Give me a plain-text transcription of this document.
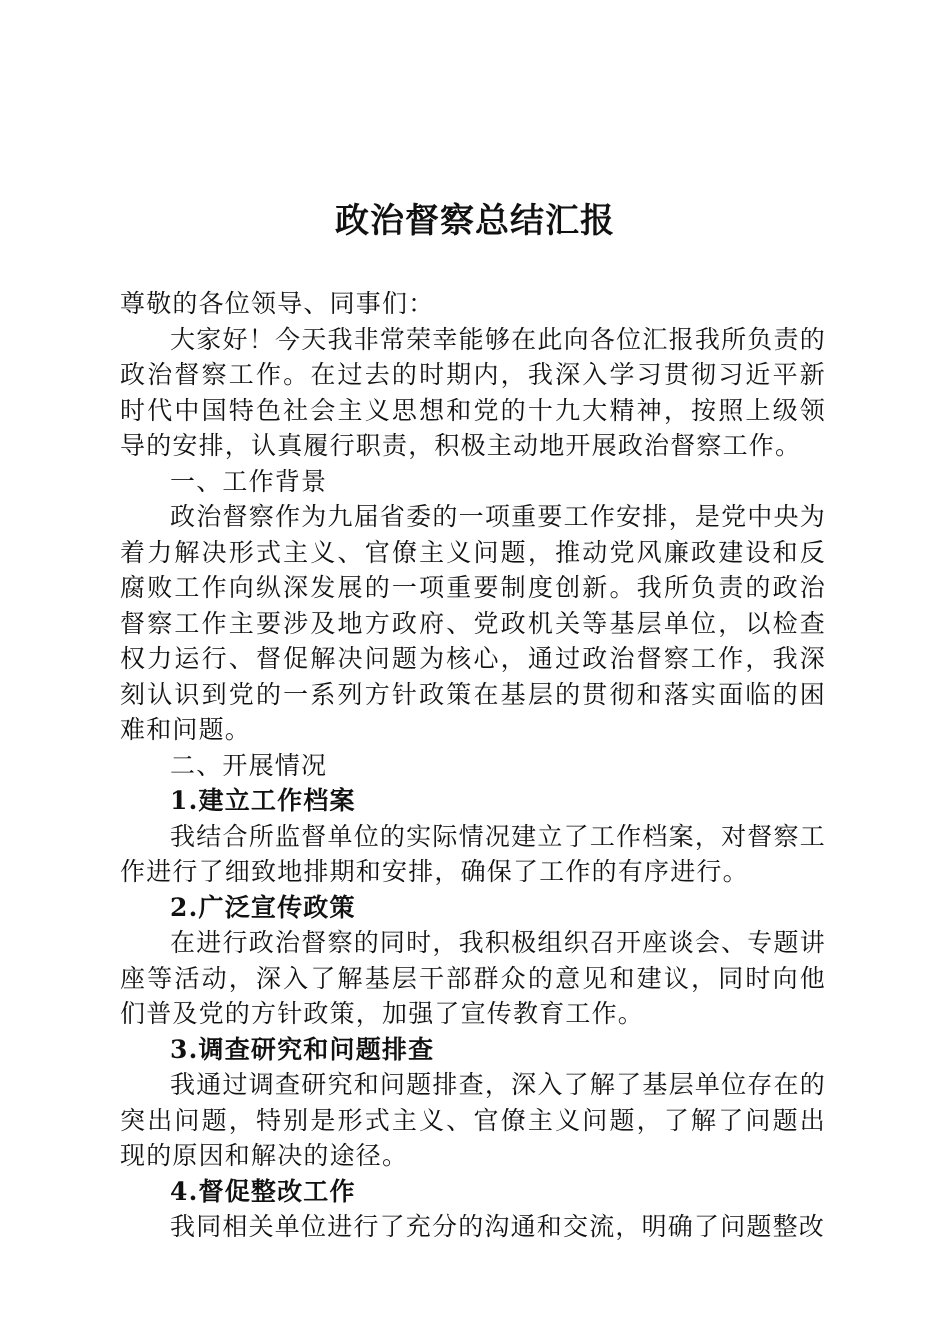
政治督察总结汇报

尊敬的各位领导、同事们：

大家好！今天我非常荣幸能够在此向各位汇报我所负责的政治督察工作。在过去的时期内，我深入学习贯彻习近平新时代中国特色社会主义思想和党的十九大精神，按照上级领导的安排，认真履行职责，积极主动地开展政治督察工作。

一、工作背景

政治督察作为九届省委的一项重要工作安排，是党中央为着力解决形式主义、官僚主义问题，推动党风廉政建设和反腐败工作向纵深发展的一项重要制度创新。我所负责的政治督察工作主要涉及地方政府、党政机关等基层单位，以检查权力运行、督促解决问题为核心，通过政治督察工作，我深刻认识到党的一系列方针政策在基层的贯彻和落实面临的困难和问题。

二、开展情况

1.建立工作档案

我结合所监督单位的实际情况建立了工作档案，对督察工作进行了细致地排期和安排，确保了工作的有序进行。

2.广泛宣传政策

在进行政治督察的同时，我积极组织召开座谈会、专题讲座等活动，深入了解基层干部群众的意见和建议，同时向他们普及党的方针政策，加强了宣传教育工作。

3.调查研究和问题排查

我通过调查研究和问题排查，深入了解了基层单位存在的突出问题，特别是形式主义、官僚主义问题，了解了问题出现的原因和解决的途径。

4.督促整改工作

我同相关单位进行了充分的沟通和交流，明确了问题整改
